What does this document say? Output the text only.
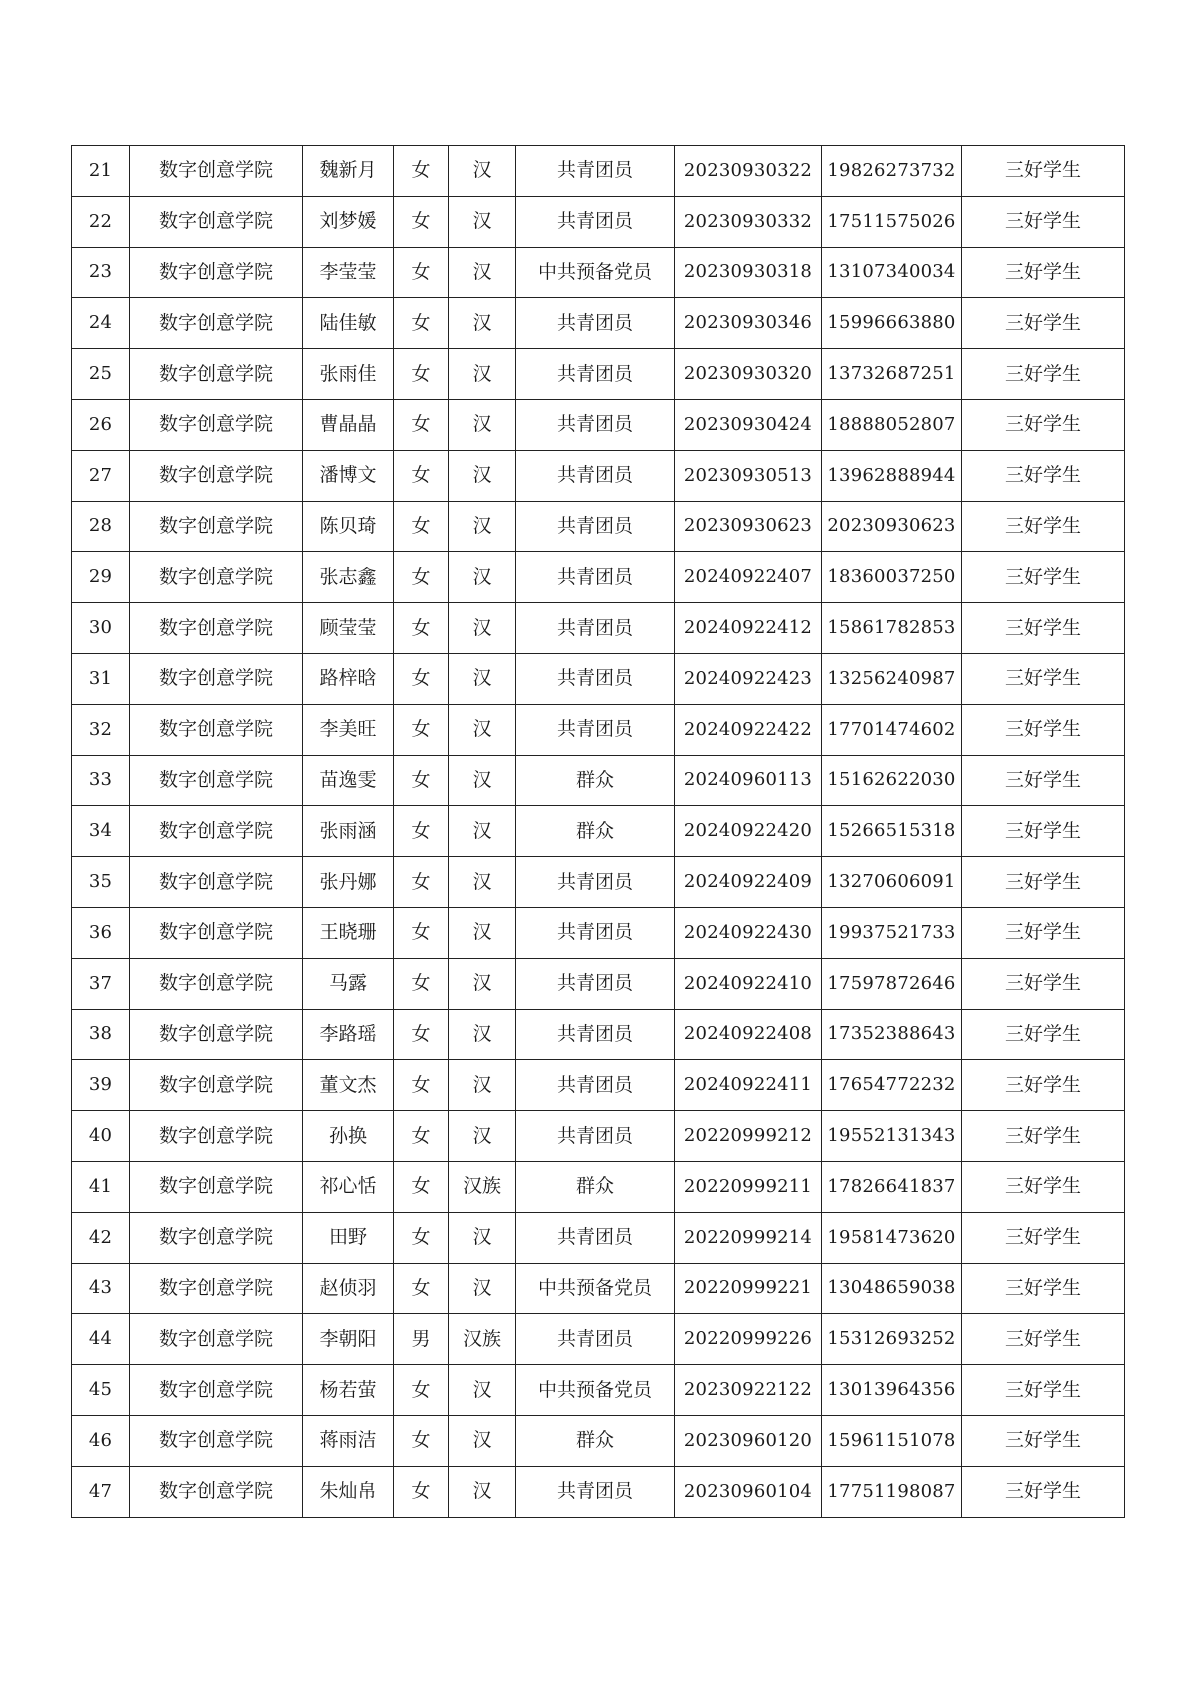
21	数字创意学院	魏新月	女	汉	共青团员	20230930322	19826273732	三好学生
22	数字创意学院	刘梦媛	女	汉	共青团员	20230930332	17511575026	三好学生
23	数字创意学院	李莹莹	女	汉	中共预备党员	20230930318	13107340034	三好学生
24	数字创意学院	陆佳敏	女	汉	共青团员	20230930346	15996663880	三好学生
25	数字创意学院	张雨佳	女	汉	共青团员	20230930320	13732687251	三好学生
26	数字创意学院	曹晶晶	女	汉	共青团员	20230930424	18888052807	三好学生
27	数字创意学院	潘博文	女	汉	共青团员	20230930513	13962888944	三好学生
28	数字创意学院	陈贝琦	女	汉	共青团员	20230930623	20230930623	三好学生
29	数字创意学院	张志鑫	女	汉	共青团员	20240922407	18360037250	三好学生
30	数字创意学院	顾莹莹	女	汉	共青团员	20240922412	15861782853	三好学生
31	数字创意学院	路梓晗	女	汉	共青团员	20240922423	13256240987	三好学生
32	数字创意学院	李美旺	女	汉	共青团员	20240922422	17701474602	三好学生
33	数字创意学院	苗逸雯	女	汉	群众	20240960113	15162622030	三好学生
34	数字创意学院	张雨涵	女	汉	群众	20240922420	15266515318	三好学生
35	数字创意学院	张丹娜	女	汉	共青团员	20240922409	13270606091	三好学生
36	数字创意学院	王晓珊	女	汉	共青团员	20240922430	19937521733	三好学生
37	数字创意学院	马露	女	汉	共青团员	20240922410	17597872646	三好学生
38	数字创意学院	李路瑶	女	汉	共青团员	20240922408	17352388643	三好学生
39	数字创意学院	董文杰	女	汉	共青团员	20240922411	17654772232	三好学生
40	数字创意学院	孙换	女	汉	共青团员	20220999212	19552131343	三好学生
41	数字创意学院	祁心恬	女	汉族	群众	20220999211	17826641837	三好学生
42	数字创意学院	田野	女	汉	共青团员	20220999214	19581473620	三好学生
43	数字创意学院	赵侦羽	女	汉	中共预备党员	20220999221	13048659038	三好学生
44	数字创意学院	李朝阳	男	汉族	共青团员	20220999226	15312693252	三好学生
45	数字创意学院	杨若萤	女	汉	中共预备党员	20230922122	13013964356	三好学生
46	数字创意学院	蒋雨洁	女	汉	群众	20230960120	15961151078	三好学生
47	数字创意学院	朱灿帛	女	汉	共青团员	20230960104	17751198087	三好学生
